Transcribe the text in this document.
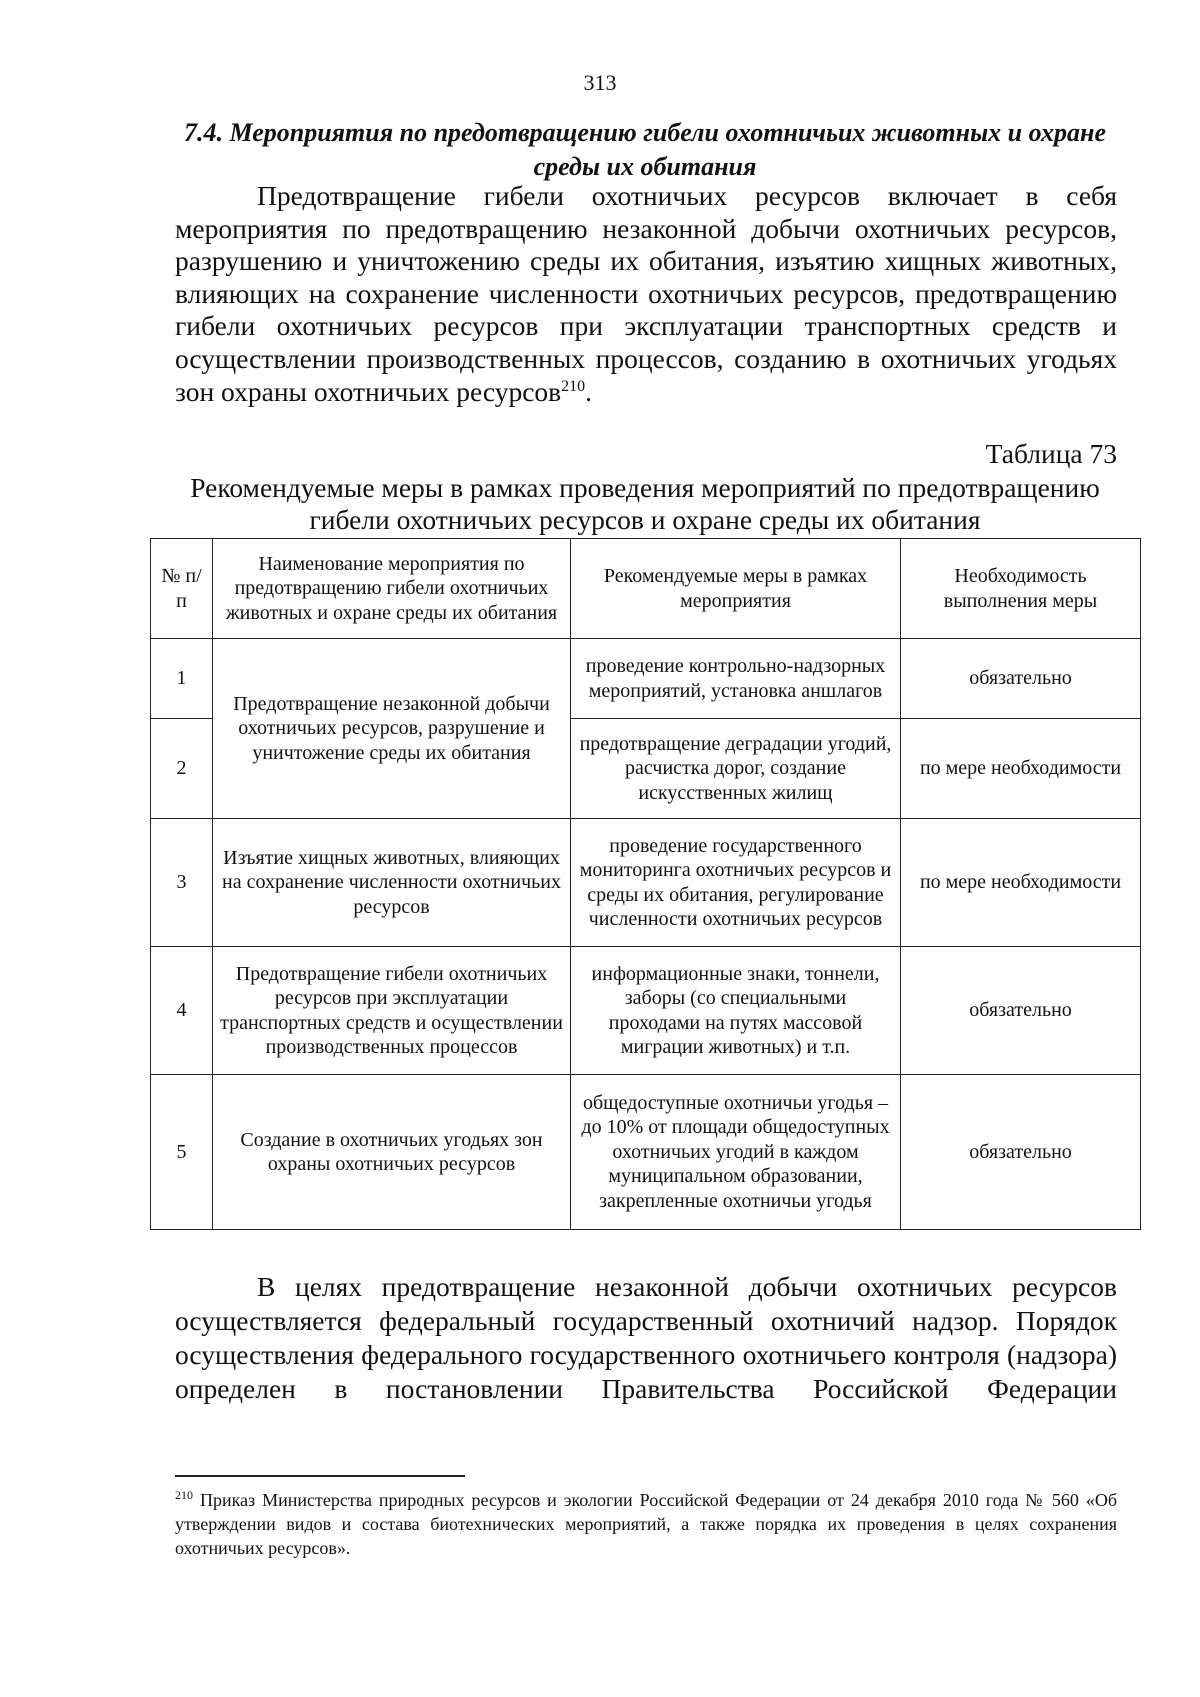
313
7.4. Мероприятия по предотвращению гибели охотничьих животных и охране среды их обитания
Предотвращение гибели охотничьих ресурсов включает в себя мероприятия по предотвращению незаконной добычи охотничьих ресурсов, разрушению и уничтожению среды их обитания, изъятию хищных животных, влияющих на сохранение численности охотничьих ресурсов, предотвращению гибели охотничьих ресурсов при эксплуатации транспортных средств и осуществлении производственных процессов, созданию в охотничьих угодьях зон охраны охотничьих ресурсов$^{210}$.
Таблица 73
Рекомендуемые меры в рамках проведения мероприятий по предотвращению гибели охотничьих ресурсов и охране среды их обитания
№ п/п	Наименование мероприятия по предотвращению гибели охотничьих животных и охране среды их обитания	Рекомендуемые меры в рамках мероприятия	Необходимость выполнения меры
1	Предотвращение незаконной добычи охотничьих ресурсов, разрушение и уничтожение среды их обитания	проведение контрольно-надзорных мероприятий, установка аншлагов	обязательно
2		предотвращение деградации угодий, расчистка дорог, создание искусственных жилищ	по мере необходимости
3	Изъятие хищных животных, влияющих на сохранение численности охотничьих ресурсов	проведение государственного мониторинга охотничьих ресурсов и среды их обитания, регулирование численности охотничьих ресурсов	по мере необходимости
4	Предотвращение гибели охотничьих ресурсов при эксплуатации транспортных средств и осуществлении производственных процессов	информационные знаки, тоннели, заборы (со специальными проходами на путях массовой миграции животных) и т.п.	обязательно
5	Создание в охотничьих угодьях зон охраны охотничьих ресурсов	общедоступные охотничьи угодья – до 10% от площади общедоступных охотничьих угодий в каждом муниципальном образовании, закрепленные охотничьи угодья	обязательно
В целях предотвращение незаконной добычи охотничьих ресурсов осуществляется федеральный государственный охотничий надзор. Порядок осуществления федерального государственного охотничьего контроля (надзора) определен в постановлении Правительства Российской Федерации
$^{210}$ Приказ Министерства природных ресурсов и экологии Российской Федерации от 24 декабря 2010 года № 560 «Об утверждении видов и состава биотехнических мероприятий, а также порядка их проведения в целях сохранения охотничьих ресурсов».
